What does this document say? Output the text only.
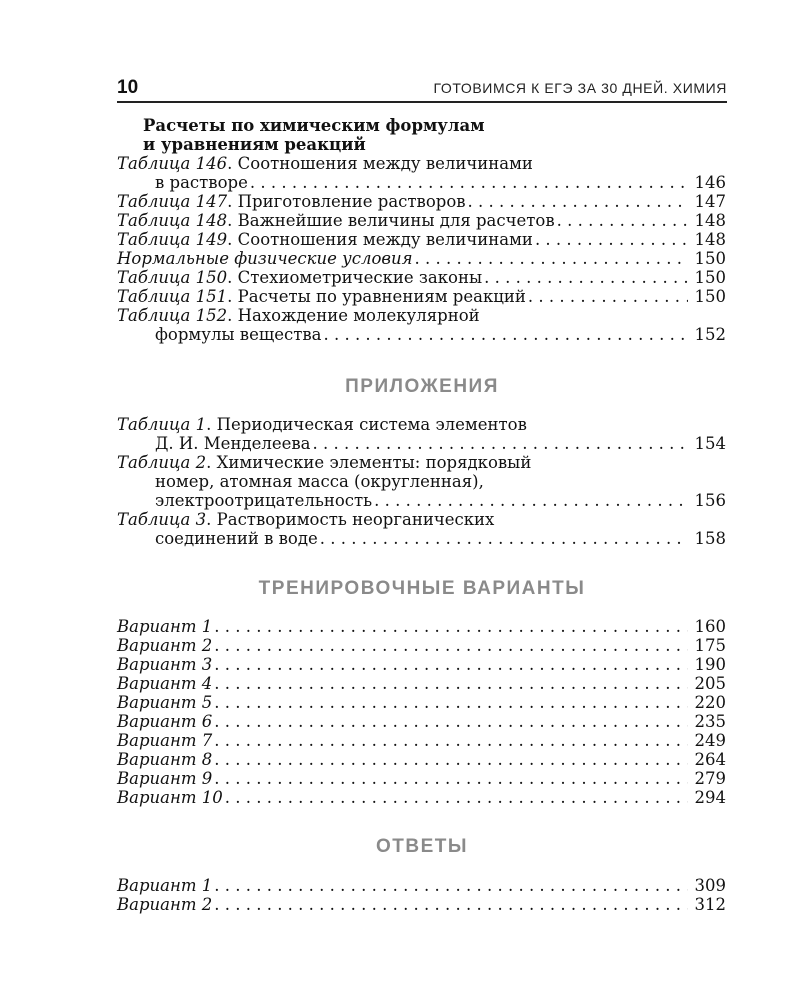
10	ГОТОВИМСЯ К ЕГЭ ЗА 30 ДНЕЙ. ХИМИЯ
Расчеты по химическим формулам
и уравнениям реакций
Таблица 146 . Соотношения между величинами
в растворе . . .	146
Таблица 147 . Приготовление растворов . . .	147
Таблица 148 . Важнейшие величины для расчетов . . .	148
Таблица 149 . Соотношения между величинами . . .	148
Нормальные физические условия . . .	150
Таблица 150 . Стехиометрические законы . . .	150
Таблица 151 . Расчеты по уравнениям реакций . . .	150
Таблица 152 . Нахождение молекулярной
формулы вещества . . .	152
ПРИЛОЖЕНИЯ
Таблица 1 . Периодическая система элементов
Д. И. Менделеева . . .	154
Таблица 2 . Химические элементы: порядковый
номер, атомная масса (округленная),
электроотрицательность . . .	156
Таблица 3 . Растворимость неорганических
соединений в воде . . .	158
ТРЕНИРОВОЧНЫЕ ВАРИАНТЫ
Вариант 1 . . .	160
Вариант 2 . . .	175
Вариант 3 . . .	190
Вариант 4 . . .	205
Вариант 5 . . .	220
Вариант 6 . . .	235
Вариант 7 . . .	249
Вариант 8 . . .	264
Вариант 9 . . .	279
Вариант 10 . . .	294
ОТВЕТЫ
Вариант 1 . . .	309
Вариант 2 . . .	312
